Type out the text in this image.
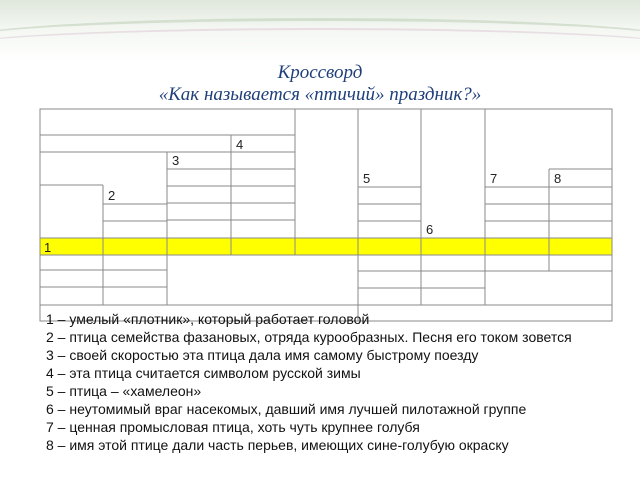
Кроссворд
«Как называется «птичий» праздник?»
1
2
3
4
5
6
7	8
1 – умелый «плотник», который работает головой
2 – птица семейства фазановых, отряда курообразных. Песня его током зовется
3 – своей скоростью эта птица дала имя самому быстрому поезду
4 – эта птица считается символом русской зимы
5 – птица – «хамелеон»
6 – неутомимый враг насекомых, давший имя лучшей пилотажной группе
7 – ценная промысловая птица, хоть чуть крупнее голубя
8 – имя этой птице дали часть перьев, имеющих сине-голубую окраску
